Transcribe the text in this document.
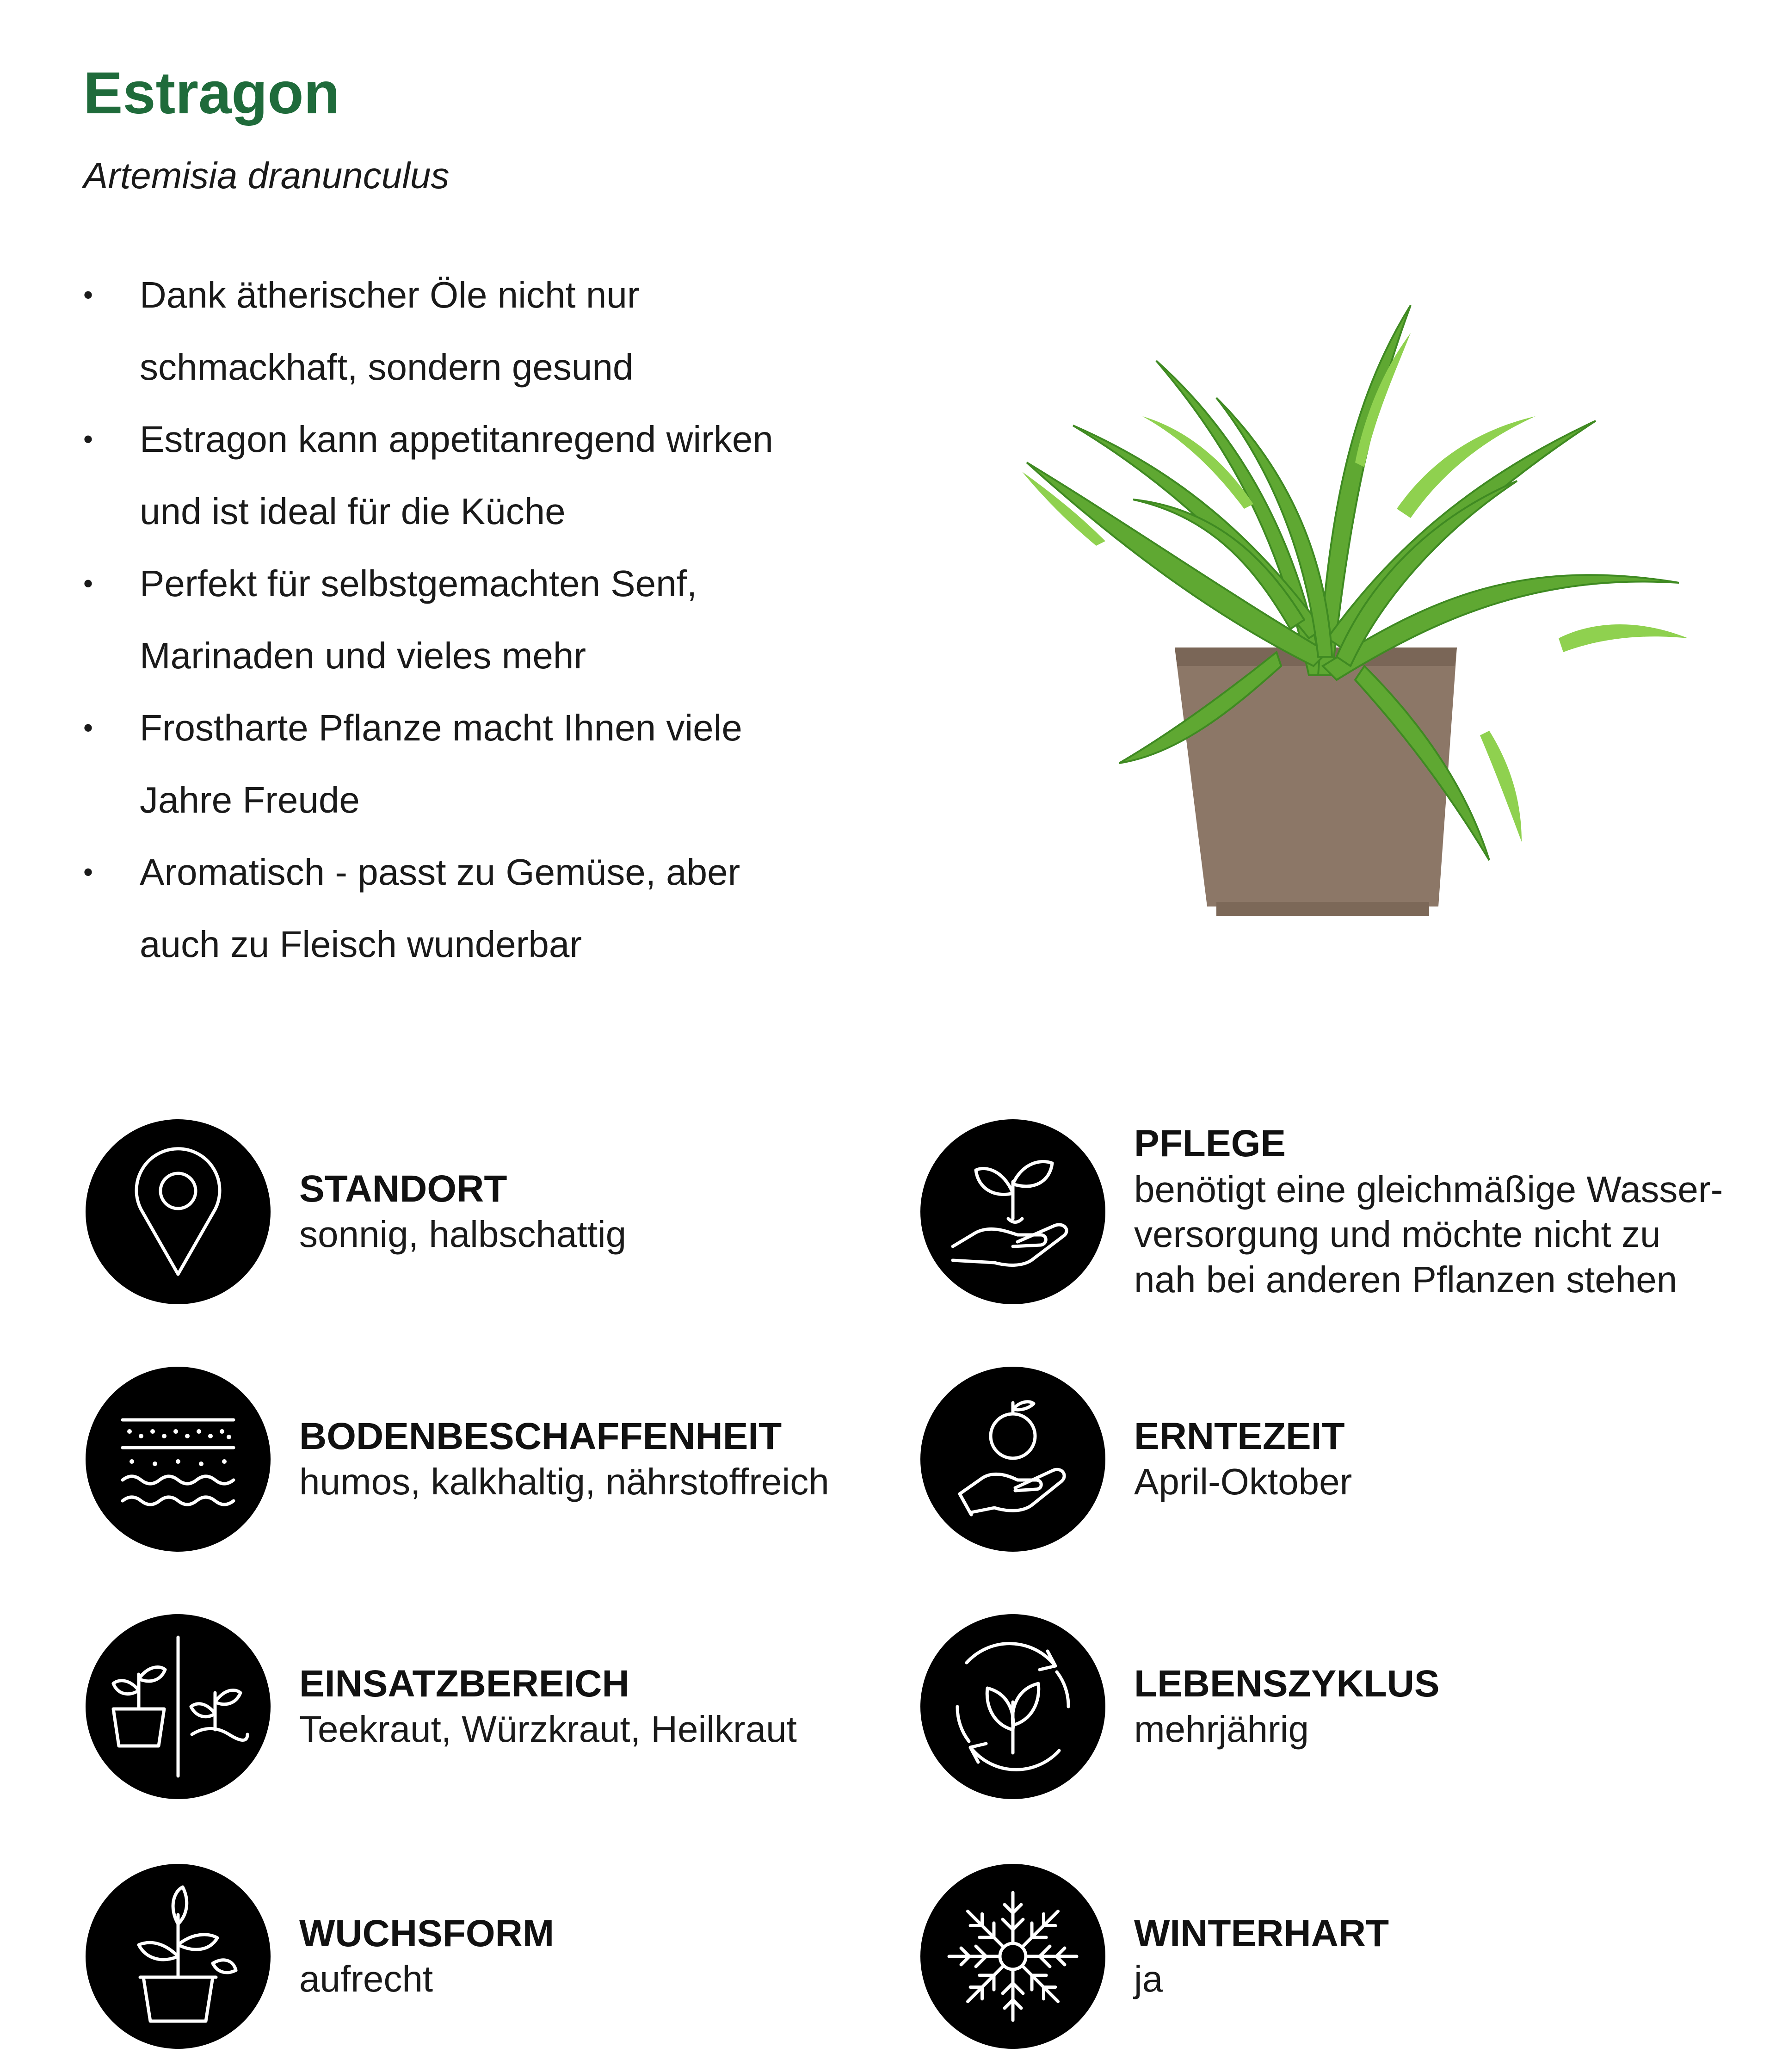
Estragon
Artemisia dranunculus
• Dank ätherischer Öle nicht nur
schmackhaft, sondern gesund
• Estragon kann appetitanregend wirken
und ist ideal für die Küche
• Perfekt für selbstgemachten Senf,
Marinaden und vieles mehr
• Frostharte Pflanze macht Ihnen viele
Jahre Freude
• Aromatisch - passt zu Gemüse, aber
auch zu Fleisch wunderbar
STANDORT
sonnig, halbschattig
PFLEGE
benötigt eine gleichmäßige Wasser-
versorgung und möchte nicht zu
nah bei anderen Pflanzen stehen
BODENBESCHAFFENHEIT
humos, kalkhaltig, nährstoffreich
ERNTEZEIT
April-Oktober
EINSATZBEREICH
Teekraut, Würzkraut, Heilkraut
LEBENSZYKLUS
mehrjährig
WUCHSFORM
aufrecht
WINTERHART
ja
